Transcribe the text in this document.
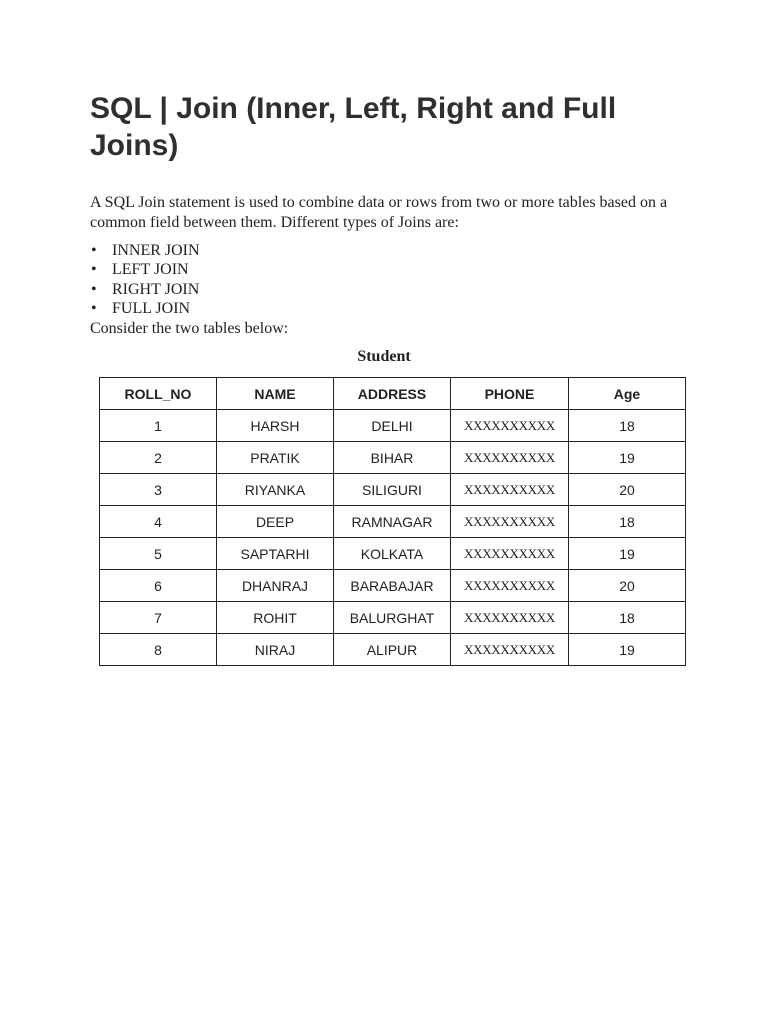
SQL | Join (Inner, Left, Right and Full Joins)

A SQL Join statement is used to combine data or rows from two or more tables based on a common field between them. Different types of Joins are:

• INNER JOIN
• LEFT JOIN
• RIGHT JOIN
• FULL JOIN

Consider the two tables below:

Student

ROLL_NO	NAME	ADDRESS	PHONE	Age
1	HARSH	DELHI	XXXXXXXXXX	18
2	PRATIK	BIHAR	XXXXXXXXXX	19
3	RIYANKA	SILIGURI	XXXXXXXXXX	20
4	DEEP	RAMNAGAR	XXXXXXXXXX	18
5	SAPTARHI	KOLKATA	XXXXXXXXXX	19
6	DHANRAJ	BARABAJAR	XXXXXXXXXX	20
7	ROHIT	BALURGHAT	XXXXXXXXXX	18
8	NIRAJ	ALIPUR	XXXXXXXXXX	19
